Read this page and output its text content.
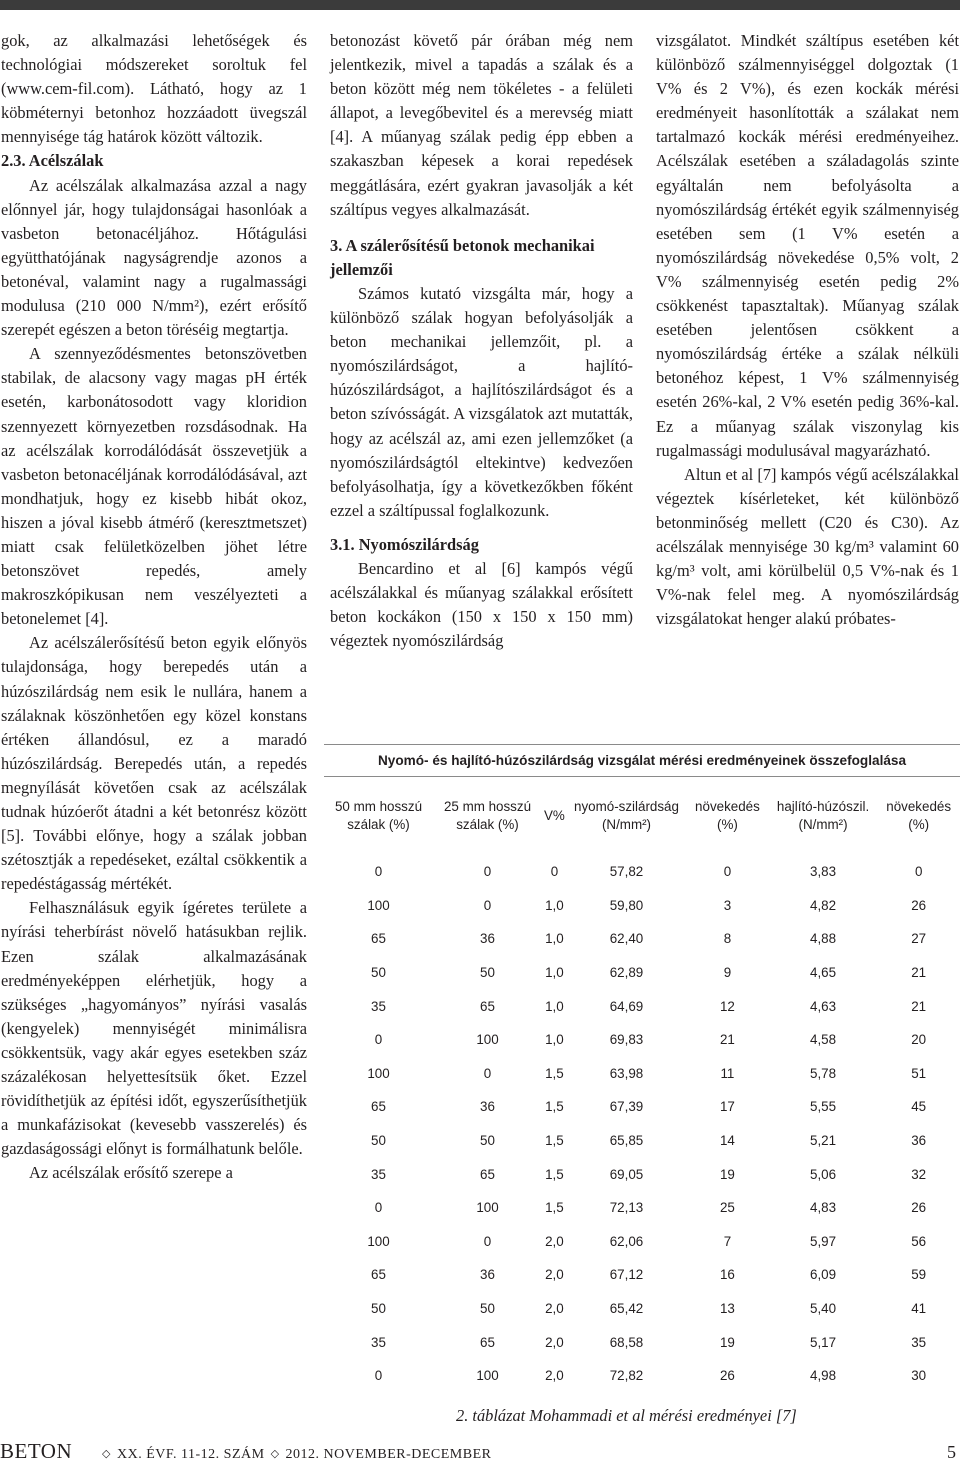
gok, az alkalmazási lehetőségek és technológiai módszereket soroltuk fel (www.cem-fil.com). Látható, hogy az 1 köbméternyi betonhoz hozzáadott üvegszál mennyisége tág határok között változik.

2.3. Acélszálak

Az acélszálak alkalmazása azzal a nagy előnnyel jár, hogy tulajdonságai hasonlóak a vasbeton betonacéljához. Hőtágulási együtthatójának nagyságrendje azonos a betonéval, valamint nagy a rugalmassági modulusa (210 000 N/mm²), ezért erősítő szerepét egészen a beton töréséig megtartja.

A szennyeződésmentes betonszövetben stabilak, de alacsony vagy magas pH érték esetén, karbonátosodott vagy kloridion szennyezett környezetben rozsdásodnak. Ha az acélszálak korrodálódását összevetjük a vasbeton betonacéljának korrodálódásával, azt mondhatjuk, hogy ez kisebb hibát okoz, hiszen a jóval kisebb átmérő (keresztmetszet) miatt csak felületközelben jöhet létre betonszövet repedés, amely makroszkópikusan nem veszélyezteti a betonelemet [4].

Az acélszálerősítésű beton egyik előnyös tulajdonsága, hogy berepedés után a húzószilárdság nem esik le nullára, hanem a szálaknak köszönhetően egy közel konstans értéken állandósul, ez a maradó húzószilárdság. Berepedés után, a repedés megnyílását követően csak az acélszálak tudnak húzóerőt átadni a két betonrész között [5]. További előnye, hogy a szálak jobban szétosztják a repedéseket, ezáltal csökkentik a repedéstágasság mértékét.

Felhasználásuk egyik ígéretes területe a nyírási teherbírást növelő hatásukban rejlik. Ezen szálak alkalmazásának eredményeképpen elérhetjük, hogy a szükséges „hagyományos” nyírási vasalás (kengyelek) mennyiségét minimálisra csökkentsük, vagy akár egyes esetekben száz százalékosan helyettesítsük őket. Ezzel rövidíthetjük az építési időt, egyszerűsíthetjük a munkafázisokat (kevesebb vasszerelés) és gazdaságossági előnyt is formálhatunk belőle.

Az acélszálak erősítő szerepe a

betonozást követő pár órában még nem jelentkezik, mivel a tapadás a szálak és a beton között még nem tökéletes - a felületi állapot, a levegőbevitel és a merevség miatt [4]. A műanyag szálak pedig épp ebben a szakaszban képesek a korai repedések meggátlására, ezért gyakran javasolják a két száltípus vegyes alkalmazását.

3. A szálerősítésű betonok mechanikai jellemzői

Számos kutató vizsgálta már, hogy a különböző szálak hogyan befolyásolják a beton mechanikai jellemzőit, pl. a nyomószilárdságot, a hajlító-húzószilárdságot, a hajlítószilárdságot és a beton szívósságát. A vizsgálatok azt mutatták, hogy az acélszál az, ami ezen jellemzőket (a nyomószilárdságtól eltekintve) kedvezően befolyásolhatja, így a következőkben főként ezzel a száltípussal foglalkozunk.

3.1. Nyomószilárdság

Bencardino et al [6] kampós végű acélszálakkal és műanyag szálakkal erősített beton kockákon (150 x 150 x 150 mm) végeztek nyomószilárdság

vizsgálatot. Mindkét száltípus esetében két különböző szálmennyiséggel dolgoztak (1 V% és 2 V%), és ezen kockák mérési eredményeit hasonlították a szálakat nem tartalmazó kockák mérési eredményeihez. Acélszálak esetében a száladagolás szinte egyáltalán nem befolyásolta a nyomószilárdság értékét egyik szálmennyiség esetében sem (1 V% esetén a nyomószilárdság növekedése 0,5% volt, 2 V% szálmennyiség esetén pedig 2% csökkenést tapasztaltak). Műanyag szálak esetében jelentősen csökkent a nyomószilárdság értéke a szálak nélküli betonéhoz képest, 1 V% szálmennyiség esetén 26%-kal, 2 V% esetén pedig 36%-kal. Ez a műanyag szálak viszonylag kis rugalmassági modulusával magyarázható.

Altun et al [7] kampós végű acélszálakkal végeztek kísérleteket, két különböző betonminőség mellett (C20 és C30). Az acélszálak mennyisége 30 kg/m³ valamint 60 kg/m³ volt, ami körülbelül 0,5 V%-nak és 1 V%-nak felel meg. A nyomószilárdság vizsgálatokat henger alakú próbates-

Nyomó- és hajlító-húzószilárdság vizsgálat mérési eredményeinek összefoglalása
50 mm hosszú szálak (%)	25 mm hosszú szálak (%)	V%	nyomó-szilárdság (N/mm²)	növekedés (%)	hajlító-húzószil. (N/mm²)	növekedés (%)
0	0	0	57,82	0	3,83	0
100	0	1,0	59,80	3	4,82	26
65	36	1,0	62,40	8	4,88	27
50	50	1,0	62,89	9	4,65	21
35	65	1,0	64,69	12	4,63	21
0	100	1,0	69,83	21	4,58	20
100	0	1,5	63,98	11	5,78	51
65	36	1,5	67,39	17	5,55	45
50	50	1,5	65,85	14	5,21	36
35	65	1,5	69,05	19	5,06	32
0	100	1,5	72,13	25	4,83	26
100	0	2,0	62,06	7	5,97	56
65	36	2,0	67,12	16	6,09	59
50	50	2,0	65,42	13	5,40	41
35	65	2,0	68,58	19	5,17	35
0	100	2,0	72,82	26	4,98	30
2. táblázat Mohammadi et al mérési eredményei [7]
BETON	◇ XX. ÉVF. 11-12. SZÁM ◇ 2012. NOVEMBER-DECEMBER	5
